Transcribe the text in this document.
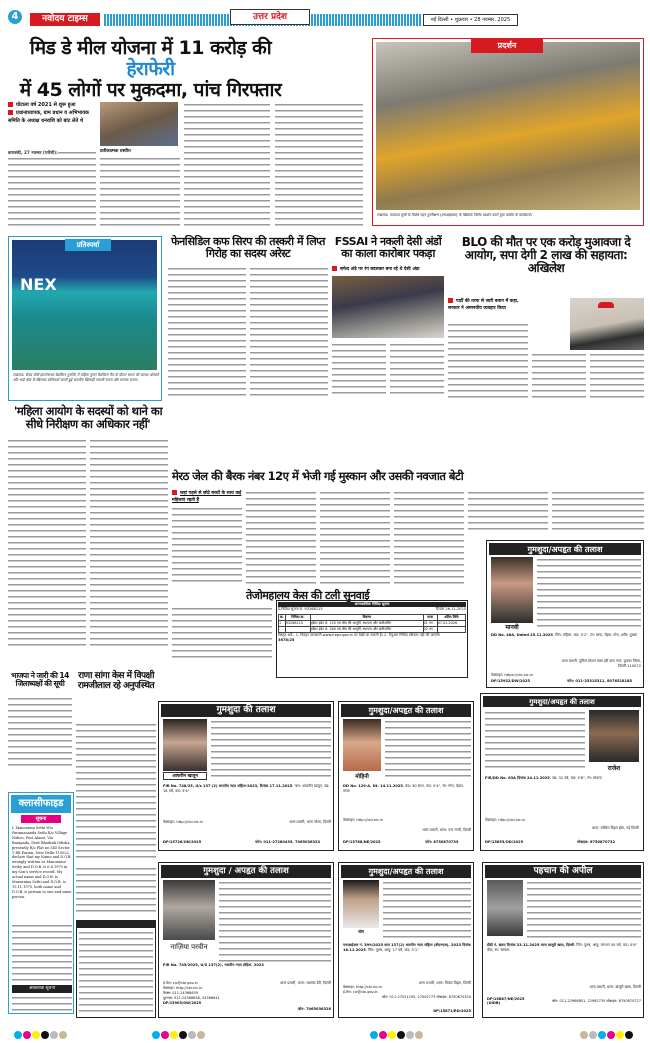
4	नवोदय टाइम्स	उत्तर प्रदेश	नई दिल्ली • शुक्रवार • 28 नवम्बर, 2025
मिड डे मील योजना में 11 करोड़ की हेराफेरी
में 45 लोगों पर मुकदमा, पांच गिरफ्तार
घोटाला वर्ष 2021 से शुरू हुआ
प्रधानाध्यापक, ग्राम प्रधान व अभिभावक समिति के अध्यक्ष धनराशि को बांट लेते थे
बाराबंकी, 27 नवम्बर (एजैंसी):	प्रतीकात्मक तस्वीर।
प्रदर्शन
लखनऊ: मतदाता सूची के विशेष गहन पुनरीक्षण (एसआईआर) के खिलाफ विरोध प्रदर्शन करते युवा कांग्रेस के कार्यकर्ता।
NEX
प्रतिस्पर्धा
लखनऊ: सैयद मोदी इंटरनेशनल बैडमिंटन टूर्नामेंट में महिला युगल बैडमिंटन मैच के दौरान भारत की काव्या ओम्बले और भाई श्रेया के खिलाफ प्रतिस्पर्धा करती हुई भारतीय खिलाड़ी पायली राजन और मानसा राजन।
फेनसिडिल कफ सिरप की तस्करी में लिप्त गिरोह का सदस्य अरेस्ट
FSSAI ने नकली देसी अंडों का काला कारोबार पकड़ा
सफेद अंडे पर रंग बदलकर बना रहे थे देसी अंडा
BLO की मौत पर एक करोड़ मुआवजा दे आयोग, सपा देगी 2 लाख की सहायता: अखिलेश
पार्टी की तरफ से जारी बयान में कहा, सरकार ने अमानवीय व्यवहार किया
'महिला आयोग के सदस्यों को थाने का सीधे निरीक्षण का अधिकार नहीं'
मेरठ जेल की बैरक नंबर 12ए में भेजी गई मुस्कान और उसकी नवजात बेटी
जहां पहले से छोटे बच्चों के साथ कई महिलाएं रहती हैं
तेजोमहालय केस की टली सुनवाई
अल्पकालिक निविदा सूचना
ई-निविदा सूचना सं. 93268115	दिनांक 26.11.2025
क्र.	निविदा क्र.	विवरण	मात्रा	अंतिम तिथि
1	93268115	इंडेंटर इंडेंट सं. 125 एम बीम की आपूर्ति, स्थापना और कमीशनिंग	01 नग	07.01.2026
		इंडेंटर इंडेंट सं. 260 एम बीम की आपूर्ति, स्थापना और कमीशनिंग	02 नग	
विस्तृत शर्तें:- 1. विस्तृत जानकारी www.ireps.gov.in पर देखी जा सकती है। 2. मैनुअल निविदा स्वीकार नहीं की जाएगी।
3678/25
गुमशुदा/अपहृत की तलाश
मानवी
DD No. 48A, Dated 25.11.2025. लिंग: महिला, कद: 5'2", रंग: साफ, चेहरा: गोल, शरीर: दुबला
थाना प्रभारी, पुलिस स्टेशन बाबा हरी दास नगर, द्वारका जिला, दिल्ली-110072
वेबसाइट: https://cbi.nic.in
DP/15932/DW/2025	फोन: 011-25315311, 8076518185
भाजपा ने जारी की 14 जिलाध्यक्षों की सूची
राणा सांगा केस में विपक्षी रामजीलाल रहे अनुपस्थित
गुमशुदा की तलाश
आफरीन खातून
FIR No. 748/25, U/s 137 (2) भारतीय न्याय संहिता-2023, दिनांक 17.11.2025. नाम: आफरीन खातून, उम्र: 16 वर्ष, कद: 5'4"
वेबसाइट: http://cbi.nic.in	थाना प्रभारी, थाना नरेला, दिल्ली
DP/15726/ON/2025	फोन: 011-27280435, 7065036323
गुमशुदा/अपहृत की तलाश
मोहिनी
DD No. 129-A, Dt. 14.11.2025. कद: 30 साल, कद: 5'4", रंग: गोरा, चेहरा: लम्बा
वेबसाइट: http://cbi.nic.in
थाना प्रभारी, थाना: नन्द नगरी, दिल्ली
DP/15788/NE/2025	फोन: 8750870733
गुमशुदा/अपहृत की तलाश
राजेश
FIR/DD No. 63A दिनांक 24.11.2025. उम्र: 32 वर्ष, कद: 5'8", रंग: सांवला
वेबसाइट: http://cbi.nic.in
थाना: पश्चिम विहार ईस्ट, नई दिल्ली
DP/15853/OD/2025	मोबाइल: 8750870732
क्लासीफाइड
सूचना
I, Manorama Sethi W/o Paramananda Sethi R/o Village Nahoo, Post Alanti, Via Barapada, Distt Bhadrak Odisha, presently R/o Flat no 545 Sector 1 RK Puram, New Delhi-110022, declare that my Name and D.O.B. wrongly written as Manorama Sethy and D.O.B. is 6.8.1970 in my Son's service record. My actual name and D.O.B. is Manorama Sethi and D.O.B. is 15.11.1970, both name and D.O.B. is pertain to one and same person.
आवश्यक सूचना
गुमशुदा / अपहृत की तलाश
नाज़िया परवीन
FIR No. 745/2025, U/S 137(2), भारतीय न्याय संहिता, 2023
ई-मेल: cic@cbi.gov.in
वेबसाइट: http://cbi.nic.in
फैक्स: 011-24368639
दूरभाष: 011-24368638, 24368641
DP/15905/OW/2025
थाना प्रभारी, थाना: भलस्वा डेरी, दिल्ली
फोन: 7065036328
गुमशुदा/अपहृत की तलाश
वंश
एफआईआर नं. 599/2025 धारा 137(2) भारतीय न्याय संहिता (बीएनएस), 2023 दिनांक 18.11.2025. लिंग: पुरुष, आयु: 17 वर्ष, कद: 5'1"
वेबसाइट: http://cbi.nic.in
ई-मेल: cic@cbi.gov.in
थाना प्रभारी, थाना: विजय विहार, दिल्ली
फोन: 011-27521295, 27502773 मोबाइल: 8750870329
DP/15871/RD/2025
पहचान की अपील
डीडी नं. 88ए दिनांक 23.11.2025 थाना खजूरी खास, दिल्ली. लिंग: पुरुष, आयु: लगभग 50 वर्ष, कद: 5'6" फीट, रंग: सांवला
थाना प्रभारी, थाना: खजूरी खास, दिल्ली
DP/15887/NE/2025 (UIDB)	फोन: 011-22966851, 22962735 मोबाइल: 8750870727
